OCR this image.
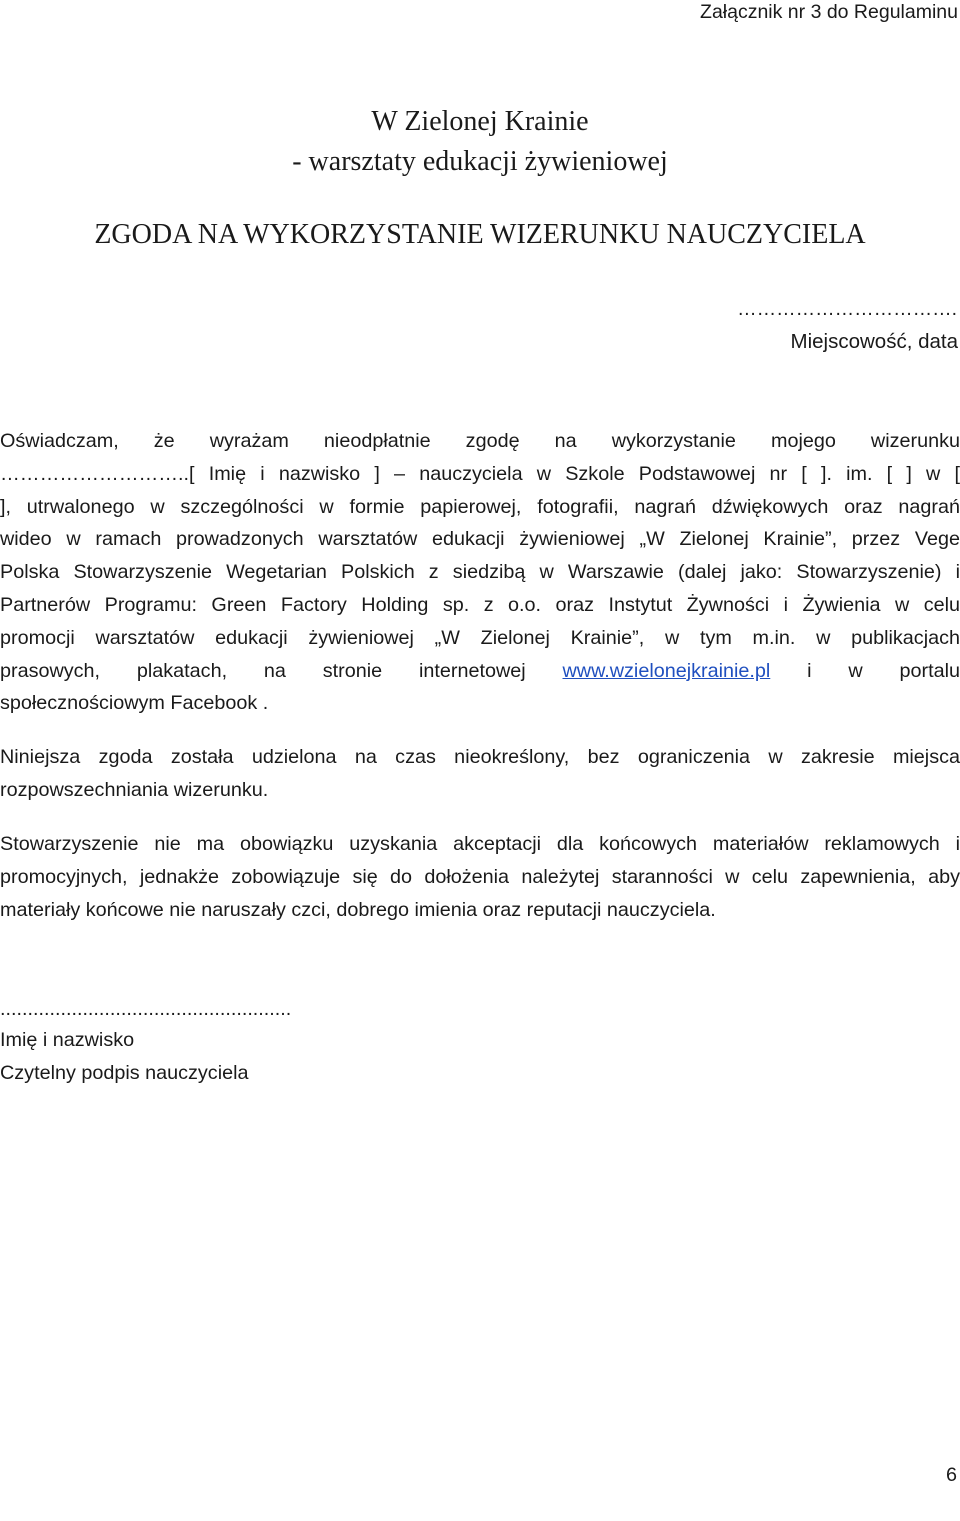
Załącznik nr 3 do Regulaminu
W Zielonej Krainie
- warsztaty edukacji żywieniowej
ZGODA NA WYKORZYSTANIE WIZERUNKU NAUCZYCIELA
…………………………….
Miejscowość, data
Oświadczam, że wyrażam nieodpłatnie zgodę na wykorzystanie mojego wizerunku
………………………..[ Imię i nazwisko ] – nauczyciela w Szkole Podstawowej nr [ ]. im. [ ] w [
], utrwalonego w szczególności w formie papierowej, fotografii, nagrań dźwiękowych oraz nagrań
wideo w ramach prowadzonych warsztatów edukacji żywieniowej „W Zielonej Krainie”, przez Vege
Polska Stowarzyszenie Wegetarian Polskich z siedzibą w Warszawie (dalej jako: Stowarzyszenie) i
Partnerów Programu: Green Factory Holding sp. z o.o. oraz Instytut Żywności i Żywienia w celu
promocji warsztatów edukacji żywieniowej „W Zielonej Krainie”, w tym m.in. w publikacjach
prasowych, plakatach, na stronie internetowej www.wzielonejkrainie.pl i w portalu
społecznościowym Facebook .
Niniejsza zgoda została udzielona na czas nieokreślony, bez ograniczenia w zakresie miejsca
rozpowszechniania wizerunku.
Stowarzyszenie nie ma obowiązku uzyskania akceptacji dla końcowych materiałów reklamowych i
promocyjnych, jednakże zobowiązuje się do dołożenia należytej staranności w celu zapewnienia, aby
materiały końcowe nie naruszały czci, dobrego imienia oraz reputacji nauczyciela.
.....................................................
Imię i nazwisko
Czytelny podpis nauczyciela
6
